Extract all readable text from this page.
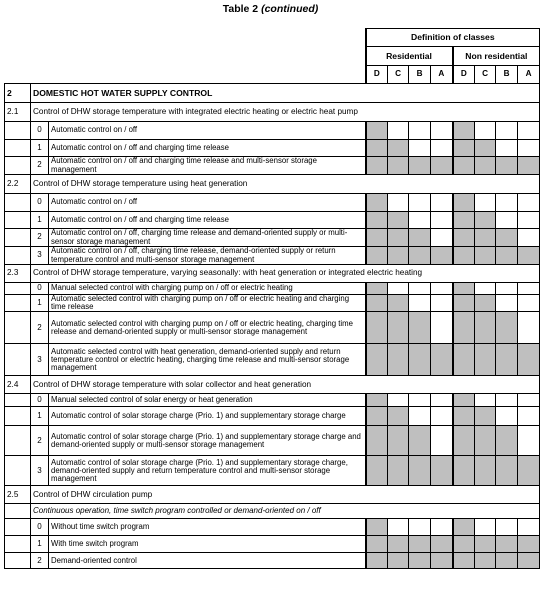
Table 2 (continued)
			Definition of classes							
			Residential				Non residential			
			D	C	B	A	D	C	B	A
2	DOMESTIC HOT WATER SUPPLY CONTROL									
2.1	Control of DHW storage temperature with integrated electric heating or electric heat pump									
	0	Automatic control on / off								
	1	Automatic control on / off and charging time release								
	2	Automatic control on / off and charging time release and multi-sensor storage management								
2.2	Control of DHW storage temperature using heat generation									
	0	Automatic control on / off								
	1	Automatic control on / off and charging time release								
	2	Automatic control on / off, charging time release and demand-oriented supply or multi-sensor storage management								
	3	Automatic control on / off, charging time release, demand-oriented supply or return temperature control and multi-sensor storage management								
2.3	Control of DHW storage temperature, varying seasonally: with heat generation or integrated electric heating									
	0	Manual selected control with charging pump on / off or electric heating								
	1	Automatic selected control with charging pump on / off or electric heating and charging time release								
	2	Automatic selected control with charging pump on / off or electric heating, charging time release and demand-oriented supply or multi-sensor storage management								
	3	Automatic selected control with heat generation, demand-oriented supply and return temperature control or electric heating, charging time release and multi-sensor storage management								
2.4	Control of DHW storage temperature with solar collector and heat generation									
	0	Manual selected control of solar energy or heat generation								
	1	Automatic control of solar storage charge (Prio. 1) and supplementary storage charge								
	2	Automatic control of solar storage charge (Prio. 1) and supplementary storage charge and demand-oriented supply or multi-sensor storage management								
	3	Automatic control of solar storage charge (Prio. 1) and supplementary storage charge, demand-oriented supply and return temperature control and multi-sensor storage management								
2.5	Control of DHW circulation pump									
	Continuous operation, time switch program controlled or demand-oriented on / off									
	0	Without time switch program								
	1	With time switch program								
	2	Demand-oriented control								
